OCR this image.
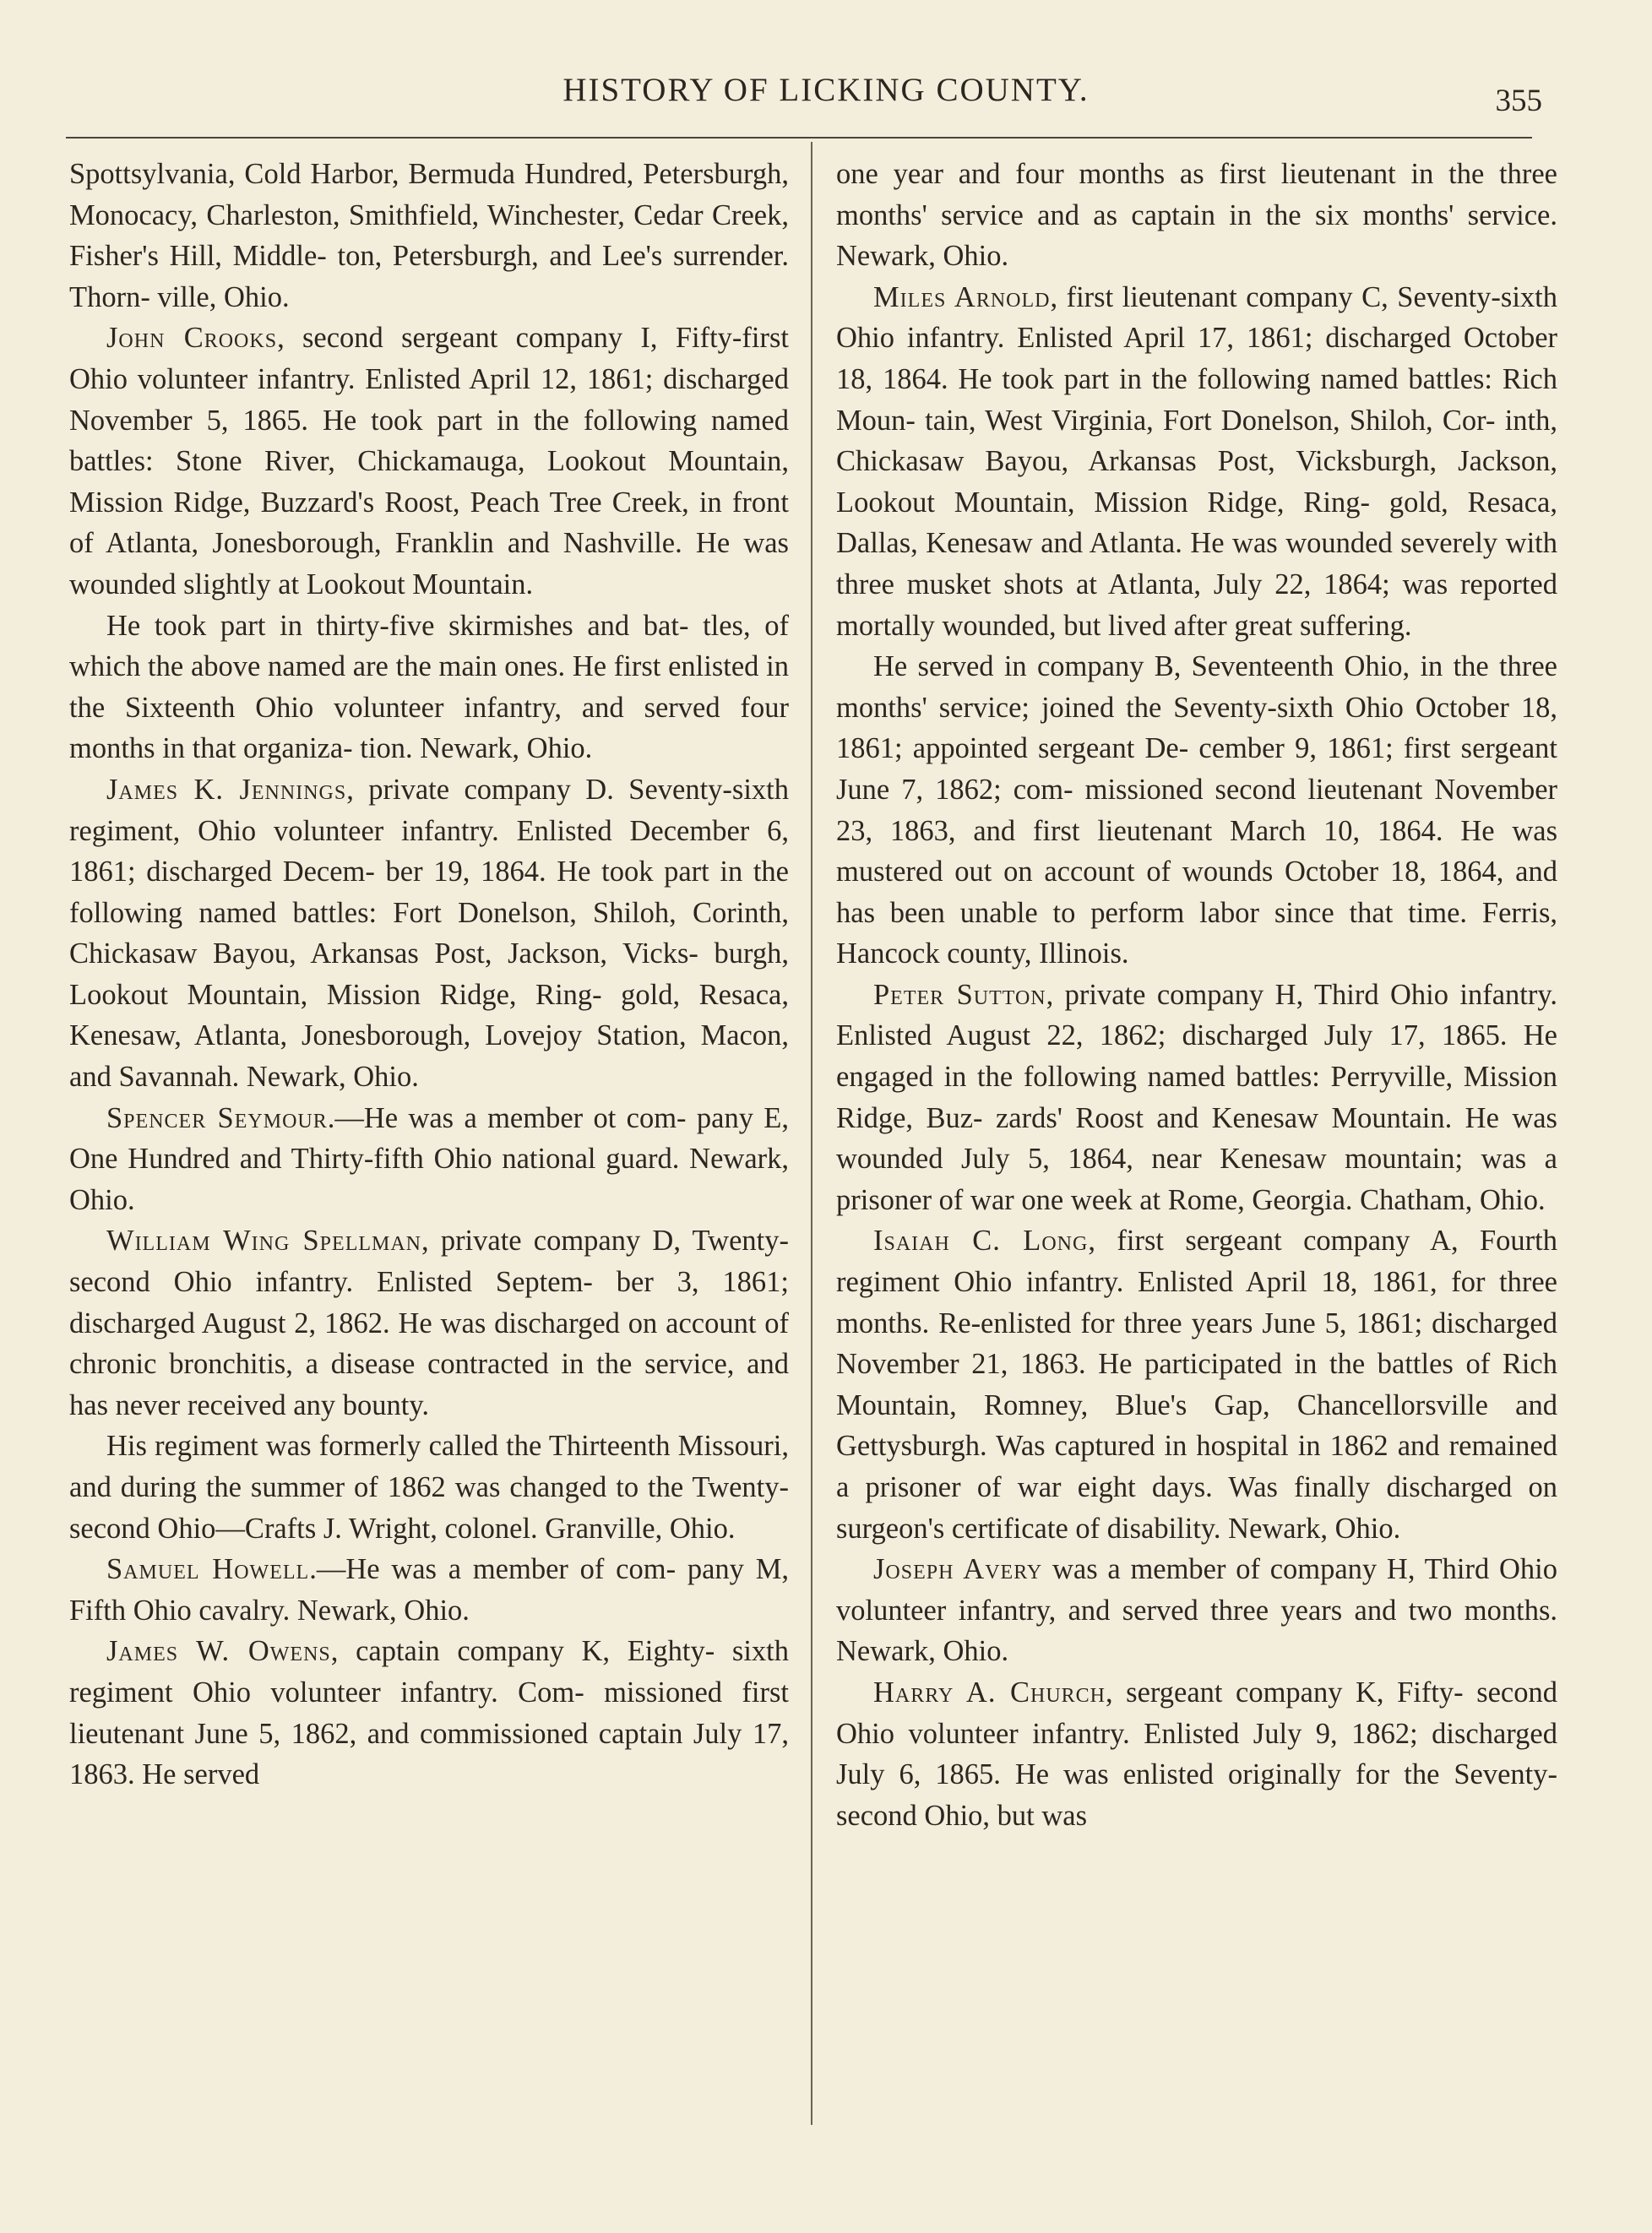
HISTORY OF LICKING COUNTY.	355

Spottsylvania, Cold Harbor, Bermuda Hundred, Petersburgh, Monocacy, Charleston, Smithfield, Winchester, Cedar Creek, Fisher's Hill, Middle- ton, Petersburgh, and Lee's surrender. Thorn- ville, Ohio.

John Crooks, second sergeant company I, Fifty-first Ohio volunteer infantry. Enlisted April 12, 1861; discharged November 5, 1865. He took part in the following named battles: Stone River, Chickamauga, Lookout Mountain, Mission Ridge, Buzzard's Roost, Peach Tree Creek, in front of Atlanta, Jonesborough, Franklin and Nashville. He was wounded slightly at Lookout Mountain.

He took part in thirty-five skirmishes and bat- tles, of which the above named are the main ones. He first enlisted in the Sixteenth Ohio volunteer infantry, and served four months in that organiza- tion. Newark, Ohio.

James K. Jennings, private company D. Seventy-sixth regiment, Ohio volunteer infantry. Enlisted December 6, 1861; discharged Decem- ber 19, 1864. He took part in the following named battles: Fort Donelson, Shiloh, Corinth, Chickasaw Bayou, Arkansas Post, Jackson, Vicks- burgh, Lookout Mountain, Mission Ridge, Ring- gold, Resaca, Kenesaw, Atlanta, Jonesborough, Lovejoy Station, Macon, and Savannah. Newark, Ohio.

Spencer Seymour.—He was a member ot com- pany E, One Hundred and Thirty-fifth Ohio national guard. Newark, Ohio.

William Wing Spellman, private company D, Twenty-second Ohio infantry. Enlisted Septem- ber 3, 1861; discharged August 2, 1862. He was discharged on account of chronic bronchitis, a disease contracted in the service, and has never received any bounty.

His regiment was formerly called the Thirteenth Missouri, and during the summer of 1862 was changed to the Twenty-second Ohio—Crafts J. Wright, colonel. Granville, Ohio.

Samuel Howell.—He was a member of com- pany M, Fifth Ohio cavalry. Newark, Ohio.

James W. Owens, captain company K, Eighty- sixth regiment Ohio volunteer infantry. Com- missioned first lieutenant June 5, 1862, and commissioned captain July 17, 1863. He served

one year and four months as first lieutenant in the three months' service and as captain in the six months' service. Newark, Ohio.

Miles Arnold, first lieutenant company C, Seventy-sixth Ohio infantry. Enlisted April 17, 1861; discharged October 18, 1864. He took part in the following named battles: Rich Moun- tain, West Virginia, Fort Donelson, Shiloh, Cor- inth, Chickasaw Bayou, Arkansas Post, Vicksburgh, Jackson, Lookout Mountain, Mission Ridge, Ring- gold, Resaca, Dallas, Kenesaw and Atlanta. He was wounded severely with three musket shots at Atlanta, July 22, 1864; was reported mortally wounded, but lived after great suffering.

He served in company B, Seventeenth Ohio, in the three months' service; joined the Seventy-sixth Ohio October 18, 1861; appointed sergeant De- cember 9, 1861; first sergeant June 7, 1862; com- missioned second lieutenant November 23, 1863, and first lieutenant March 10, 1864. He was mustered out on account of wounds October 18, 1864, and has been unable to perform labor since that time. Ferris, Hancock county, Illinois.

Peter Sutton, private company H, Third Ohio infantry. Enlisted August 22, 1862; discharged July 17, 1865. He engaged in the following named battles: Perryville, Mission Ridge, Buz- zards' Roost and Kenesaw Mountain. He was wounded July 5, 1864, near Kenesaw mountain; was a prisoner of war one week at Rome, Georgia. Chatham, Ohio.

Isaiah C. Long, first sergeant company A, Fourth regiment Ohio infantry. Enlisted April 18, 1861, for three months. Re-enlisted for three years June 5, 1861; discharged November 21, 1863. He participated in the battles of Rich Mountain, Romney, Blue's Gap, Chancellorsville and Gettysburgh. Was captured in hospital in 1862 and remained a prisoner of war eight days. Was finally discharged on surgeon's certificate of disability. Newark, Ohio.

Joseph Avery was a member of company H, Third Ohio volunteer infantry, and served three years and two months. Newark, Ohio.

Harry A. Church, sergeant company K, Fifty- second Ohio volunteer infantry. Enlisted July 9, 1862; discharged July 6, 1865. He was enlisted originally for the Seventy-second Ohio, but was
